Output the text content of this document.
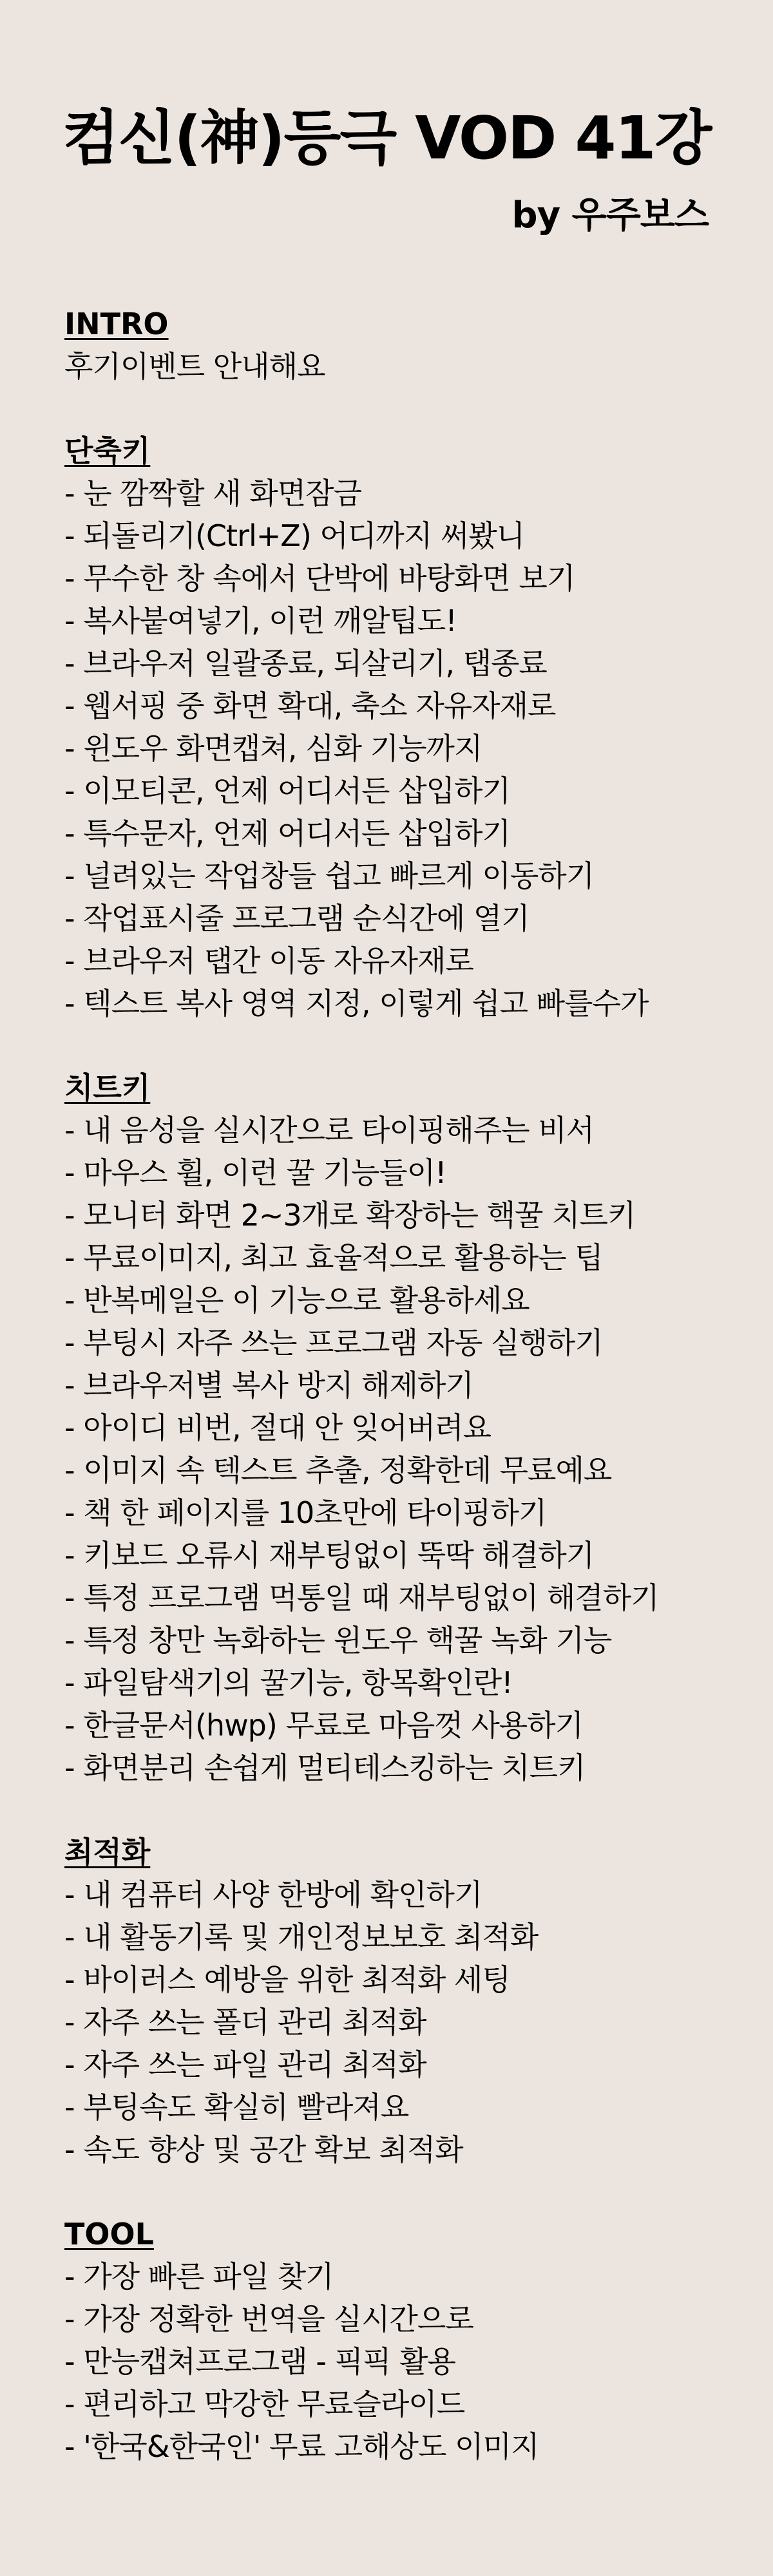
컴신(神)등극 VOD 41강
by 우주보스
INTRO
후기이벤트 안내해요
단축키
- 눈 깜짝할 새 화면잠금
- 되돌리기(Ctrl+Z) 어디까지 써봤니
- 무수한 창 속에서 단박에 바탕화면 보기
- 복사붙여넣기, 이런 깨알팁도!
- 브라우저 일괄종료, 되살리기, 탭종료
- 웹서핑 중 화면 확대, 축소 자유자재로
- 윈도우 화면캡쳐, 심화 기능까지
- 이모티콘, 언제 어디서든 삽입하기
- 특수문자, 언제 어디서든 삽입하기
- 널려있는 작업창들 쉽고 빠르게 이동하기
- 작업표시줄 프로그램 순식간에 열기
- 브라우저 탭간 이동 자유자재로
- 텍스트 복사 영역 지정, 이렇게 쉽고 빠를수가
치트키
- 내 음성을 실시간으로 타이핑해주는 비서
- 마우스 휠, 이런 꿀 기능들이!
- 모니터 화면 2~3개로 확장하는 핵꿀 치트키
- 무료이미지, 최고 효율적으로 활용하는 팁
- 반복메일은 이 기능으로 활용하세요
- 부팅시 자주 쓰는 프로그램 자동 실행하기
- 브라우저별 복사 방지 해제하기
- 아이디 비번, 절대 안 잊어버려요
- 이미지 속 텍스트 추출, 정확한데 무료예요
- 책 한 페이지를 10초만에 타이핑하기
- 키보드 오류시 재부팅없이 뚝딱 해결하기
- 특정 프로그램 먹통일 때 재부팅없이 해결하기
- 특정 창만 녹화하는 윈도우 핵꿀 녹화 기능
- 파일탐색기의 꿀기능, 항목확인란!
- 한글문서(hwp) 무료로 마음껏 사용하기
- 화면분리 손쉽게 멀티테스킹하는 치트키
최적화
- 내 컴퓨터 사양 한방에 확인하기
- 내 활동기록 및 개인정보보호 최적화
- 바이러스 예방을 위한 최적화 세팅
- 자주 쓰는 폴더 관리 최적화
- 자주 쓰는 파일 관리 최적화
- 부팅속도 확실히 빨라져요
- 속도 향상 및 공간 확보 최적화
TOOL
- 가장 빠른 파일 찾기
- 가장 정확한 번역을 실시간으로
- 만능캡쳐프로그램 - 픽픽 활용
- 편리하고 막강한 무료슬라이드
- '한국&한국인' 무료 고해상도 이미지
